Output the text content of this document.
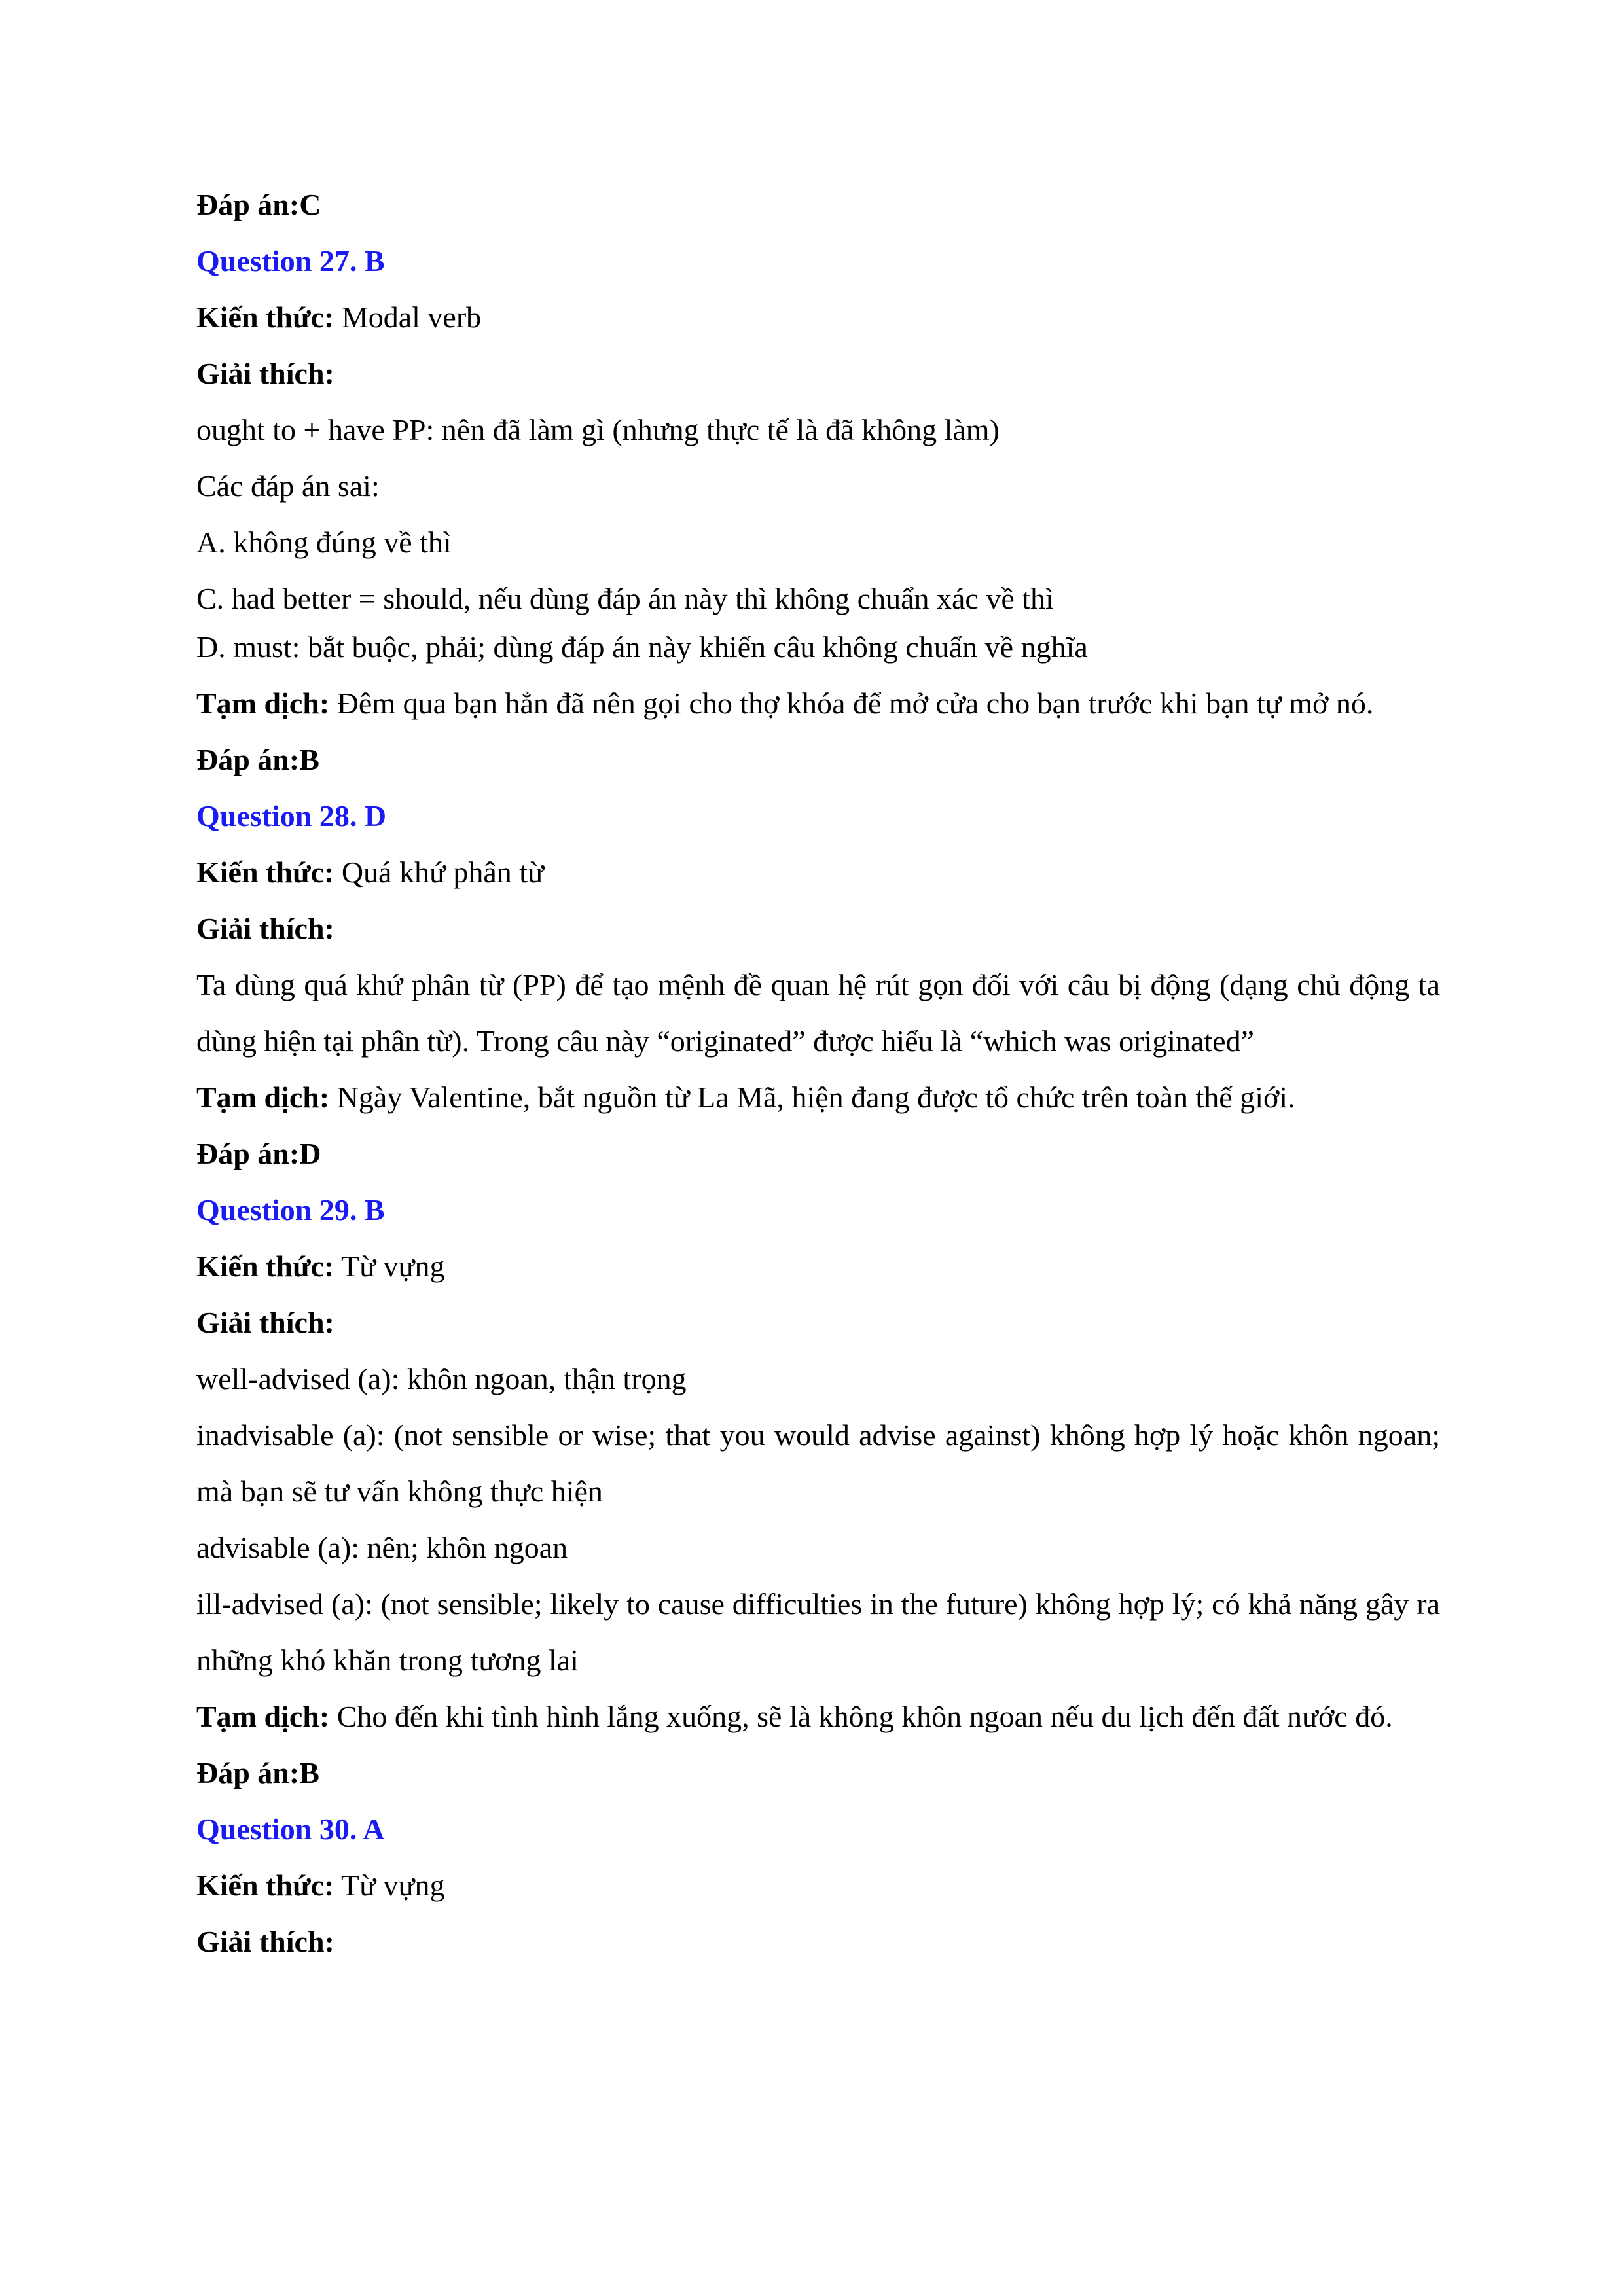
Đáp án:C

Question 27. B

Kiến thức: Modal verb

Giải thích:

ought to + have PP: nên đã làm gì (nhưng thực tế là đã không làm)

Các đáp án sai:

A. không đúng về thì

C. had better = should, nếu dùng đáp án này thì không chuẩn xác về thì

D. must: bắt buộc, phải; dùng đáp án này khiến câu không chuẩn về nghĩa

Tạm dịch: Đêm qua bạn hẳn đã nên gọi cho thợ khóa để mở cửa cho bạn trước khi bạn tự mở nó.

Đáp án:B

Question 28. D

Kiến thức: Quá khứ phân từ

Giải thích:

Ta dùng quá khứ phân từ (PP) để tạo mệnh đề quan hệ rút gọn đối với câu bị động (dạng chủ động ta dùng hiện tại phân từ). Trong câu này “originated” được hiểu là “which was originated”

Tạm dịch: Ngày Valentine, bắt nguồn từ La Mã, hiện đang được tổ chức trên toàn thế giới.

Đáp án:D

Question 29. B

Kiến thức: Từ vựng

Giải thích:

well-advised (a): khôn ngoan, thận trọng

inadvisable (a): (not sensible or wise; that you would advise against) không hợp lý hoặc khôn ngoan; mà bạn sẽ tư vấn không thực hiện

advisable (a): nên; khôn ngoan

ill-advised (a): (not sensible; likely to cause difficulties in the future) không hợp lý; có khả năng gây ra những khó khăn trong tương lai

Tạm dịch: Cho đến khi tình hình lắng xuống, sẽ là không khôn ngoan nếu du lịch đến đất nước đó.

Đáp án:B

Question 30. A

Kiến thức: Từ vựng

Giải thích:
